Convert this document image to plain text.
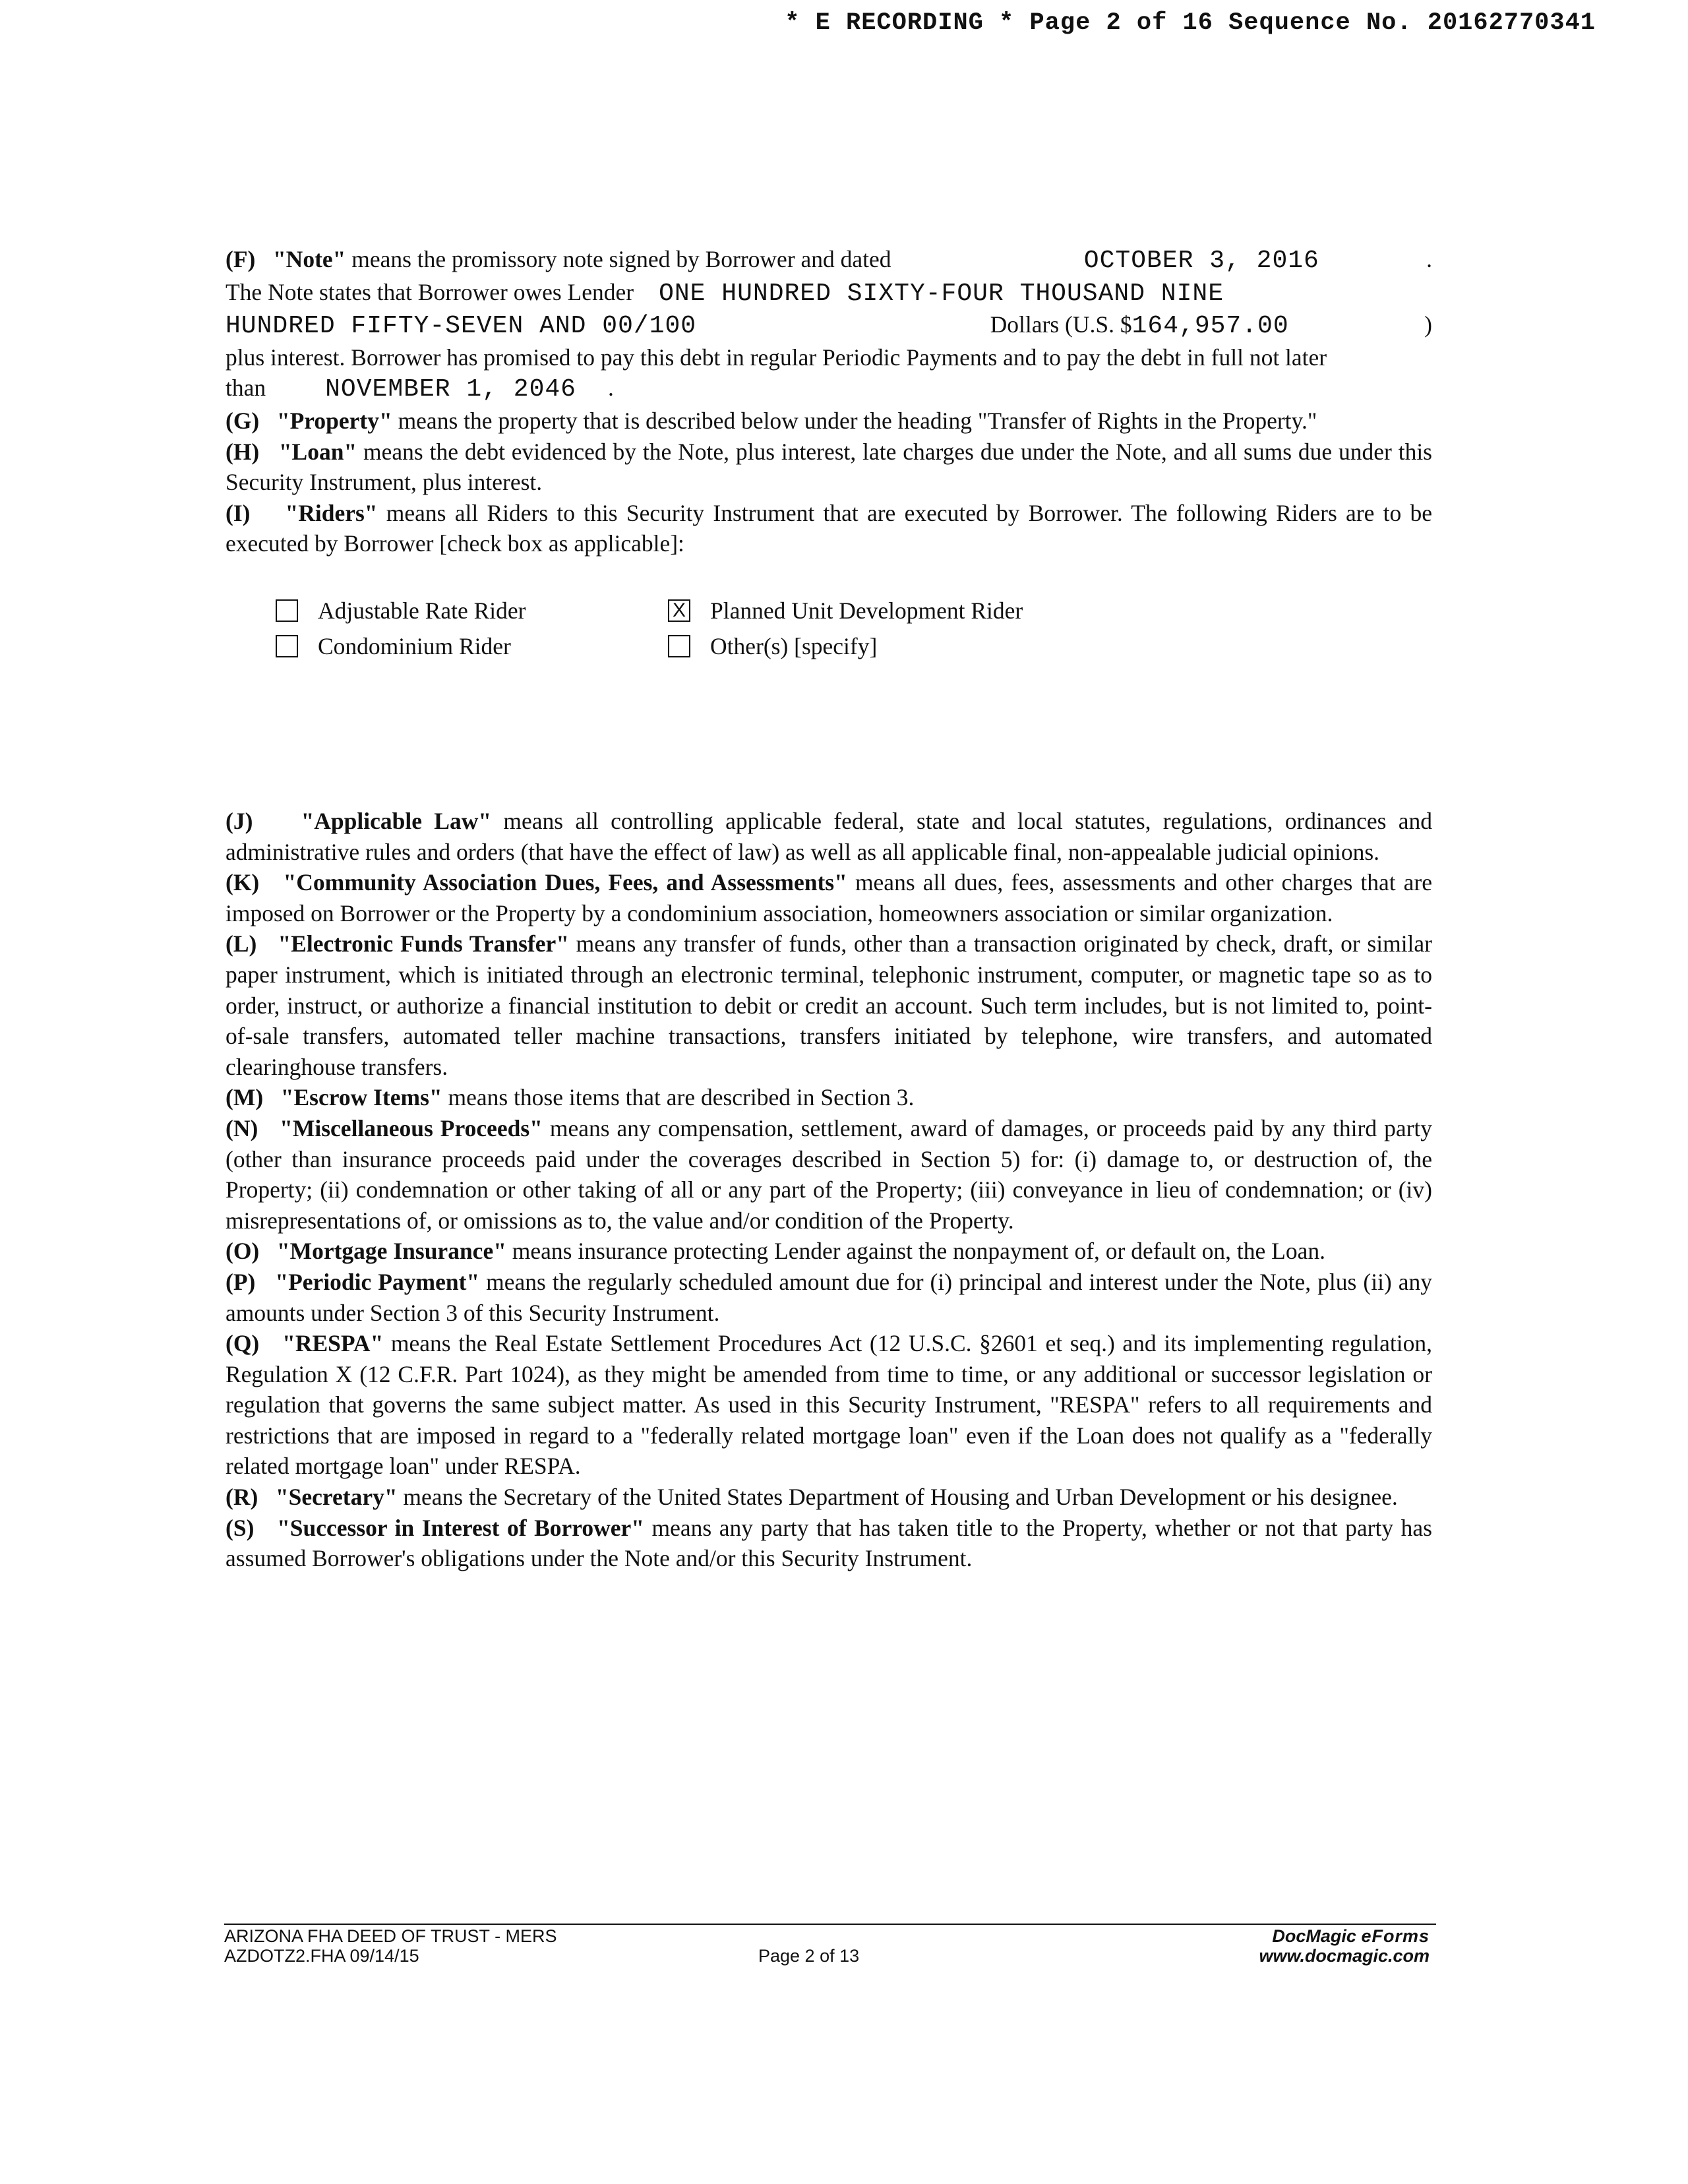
* E RECORDING * Page 2 of 16 Sequence No. 20162770341
(F) "Note" means the promissory note signed by Borrower and dated	OCTOBER 3, 2016	.
The Note states that Borrower owes Lender ONE HUNDRED SIXTY-FOUR THOUSAND NINE
HUNDRED FIFTY-SEVEN AND 00/100	Dollars (U.S. $164,957.00	)
plus interest. Borrower has promised to pay this debt in regular Periodic Payments and to pay the debt in full not later
than NOVEMBER 1, 2046 .

(G) "Property" means the property that is described below under the heading "Transfer of Rights in the Property."

(H) "Loan" means the debt evidenced by the Note, plus interest, late charges due under the Note, and all sums due under this Security Instrument, plus interest.

(I) "Riders" means all Riders to this Security Instrument that are executed by Borrower. The following Riders are to be executed by Borrower [check box as applicable]:

Adjustable Rate Rider
Condominium Rider
X Planned Unit Development Rider
Other(s) [specify]

(J) "Applicable Law" means all controlling applicable federal, state and local statutes, regulations, ordinances and administrative rules and orders (that have the effect of law) as well as all applicable final, non-appealable judicial opinions.

(K) "Community Association Dues, Fees, and Assessments" means all dues, fees, assessments and other charges that are imposed on Borrower or the Property by a condominium association, homeowners association or similar organization.

(L) "Electronic Funds Transfer" means any transfer of funds, other than a transaction originated by check, draft, or similar paper instrument, which is initiated through an electronic terminal, telephonic instrument, computer, or magnetic tape so as to order, instruct, or authorize a financial institution to debit or credit an account. Such term includes, but is not limited to, point-of-sale transfers, automated teller machine transactions, transfers initiated by telephone, wire transfers, and automated clearinghouse transfers.

(M) "Escrow Items" means those items that are described in Section 3.

(N) "Miscellaneous Proceeds" means any compensation, settlement, award of damages, or proceeds paid by any third party (other than insurance proceeds paid under the coverages described in Section 5) for: (i) damage to, or destruction of, the Property; (ii) condemnation or other taking of all or any part of the Property; (iii) conveyance in lieu of condemnation; or (iv) misrepresentations of, or omissions as to, the value and/or condition of the Property.

(O) "Mortgage Insurance" means insurance protecting Lender against the nonpayment of, or default on, the Loan.

(P) "Periodic Payment" means the regularly scheduled amount due for (i) principal and interest under the Note, plus (ii) any amounts under Section 3 of this Security Instrument.

(Q) "RESPA" means the Real Estate Settlement Procedures Act (12 U.S.C. §2601 et seq.) and its implementing regulation, Regulation X (12 C.F.R. Part 1024), as they might be amended from time to time, or any additional or successor legislation or regulation that governs the same subject matter. As used in this Security Instrument, "RESPA" refers to all requirements and restrictions that are imposed in regard to a "federally related mortgage loan" even if the Loan does not qualify as a "federally related mortgage loan" under RESPA.

(R) "Secretary" means the Secretary of the United States Department of Housing and Urban Development or his designee.

(S) "Successor in Interest of Borrower" means any party that has taken title to the Property, whether or not that party has assumed Borrower's obligations under the Note and/or this Security Instrument.

ARIZONA FHA DEED OF TRUST - MERS
AZDOTZ2.FHA 09/14/15	Page 2 of 13
DocMagic eForms
www.docmagic.com
